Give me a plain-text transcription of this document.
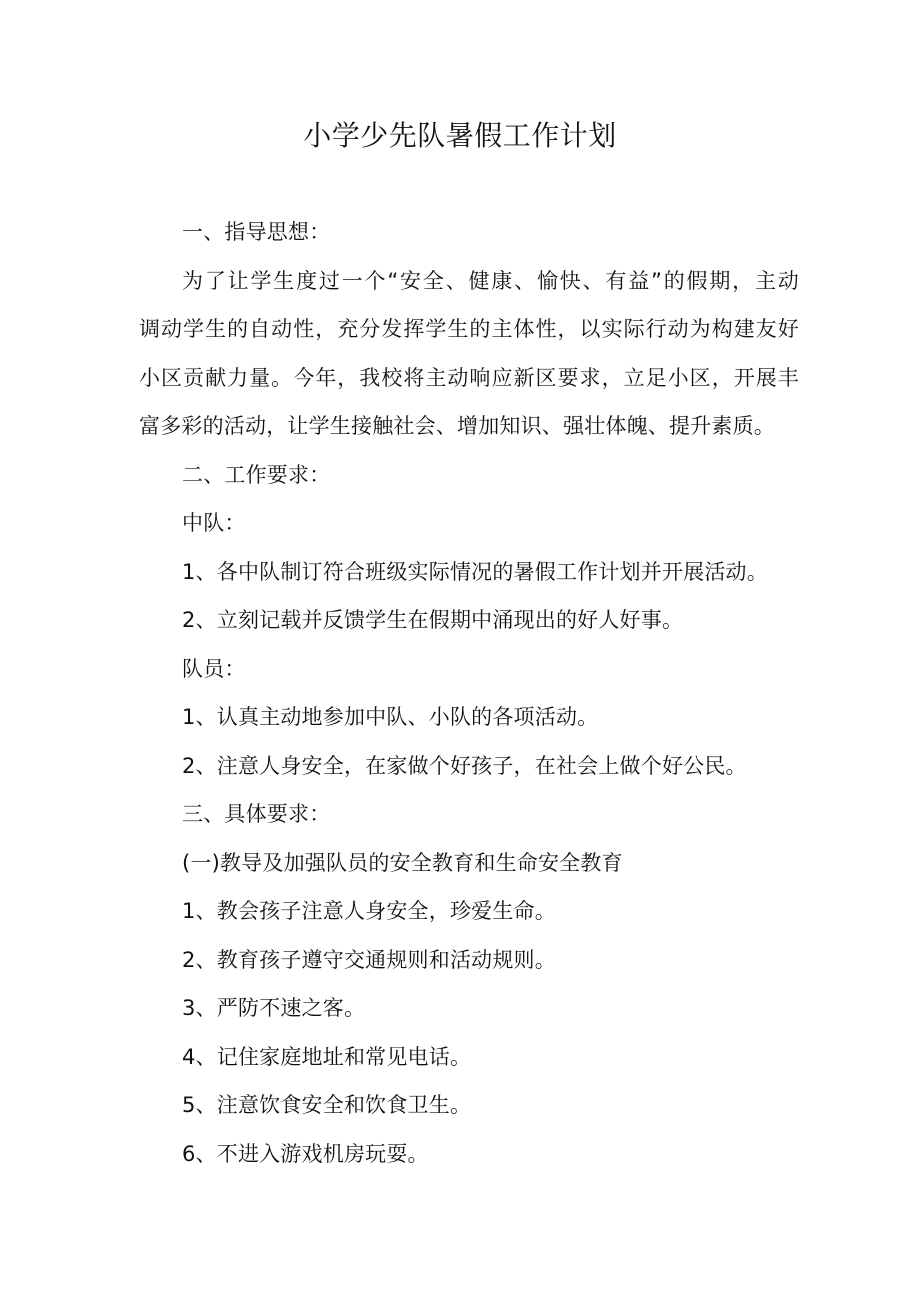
小学少先队暑假工作计划
一、指导思想：
为了让学生度过一个“安全、健康、愉快、有益”的假期，主动
调动学生的自动性，充分发挥学生的主体性，以实际行动为构建友好
小区贡献力量。今年，我校将主动响应新区要求，立足小区，开展丰
富多彩的活动，让学生接触社会、增加知识、强壮体魄、提升素质。
二、工作要求：
中队：
1、各中队制订符合班级实际情况的暑假工作计划并开展活动。
2、立刻记载并反馈学生在假期中涌现出的好人好事。
队员：
1、认真主动地参加中队、小队的各项活动。
2、注意人身安全，在家做个好孩子，在社会上做个好公民。
三、具体要求：
(一)教导及加强队员的安全教育和生命安全教育
1、教会孩子注意人身安全，珍爱生命。
2、教育孩子遵守交通规则和活动规则。
3、严防不速之客。
4、记住家庭地址和常见电话。
5、注意饮食安全和饮食卫生。
6、不进入游戏机房玩耍。
